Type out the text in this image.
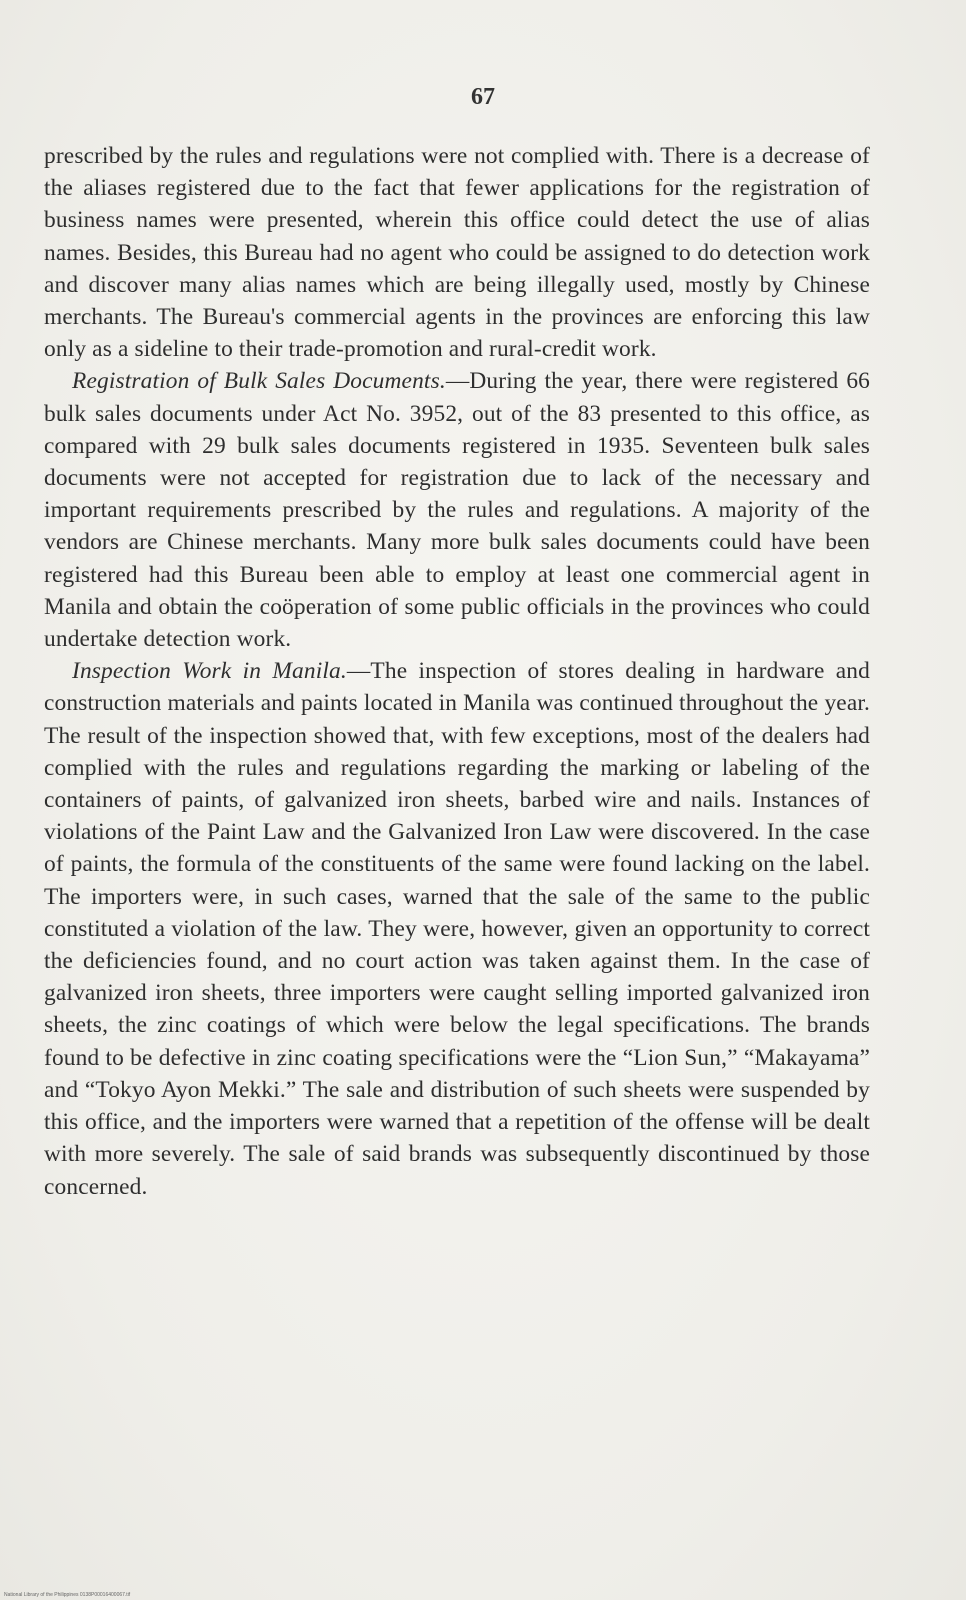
67

prescribed by the rules and regulations were not complied with. There is a decrease of the aliases registered due to the fact that fewer applications for the registration of business names were presented, wherein this office could detect the use of alias names. Besides, this Bureau had no agent who could be assigned to do detection work and discover many alias names which are being illegally used, mostly by Chinese merchants. The Bureau's commercial agents in the provinces are enforcing this law only as a sideline to their trade-promotion and rural-credit work.

Registration of Bulk Sales Documents.—During the year, there were registered 66 bulk sales documents under Act No. 3952, out of the 83 presented to this office, as compared with 29 bulk sales documents registered in 1935. Seventeen bulk sales documents were not accepted for registration due to lack of the necessary and important requirements prescribed by the rules and regulations. A majority of the vendors are Chinese merchants. Many more bulk sales documents could have been registered had this Bureau been able to employ at least one commercial agent in Manila and obtain the coöperation of some public officials in the provinces who could undertake detection work.

Inspection Work in Manila.—The inspection of stores dealing in hardware and construction materials and paints located in Manila was continued throughout the year. The result of the inspection showed that, with few exceptions, most of the dealers had complied with the rules and regulations regarding the marking or labeling of the containers of paints, of galvanized iron sheets, barbed wire and nails. Instances of violations of the Paint Law and the Galvanized Iron Law were discovered. In the case of paints, the formula of the constituents of the same were found lacking on the label. The importers were, in such cases, warned that the sale of the same to the public constituted a violation of the law. They were, however, given an opportunity to correct the deficiencies found, and no court action was taken against them. In the case of galvanized iron sheets, three importers were caught selling imported galvanized iron sheets, the zinc coatings of which were below the legal specifications. The brands found to be defective in zinc coating specifications were the “Lion Sun,” “Makayama” and “Tokyo Ayon Mekki.” The sale and distribution of such sheets were suspended by this office, and the importers were warned that a repetition of the offense will be dealt with more severely. The sale of said brands was subsequently discontinued by those concerned.

National Library of the Philippines 0138P00016400067.tif
